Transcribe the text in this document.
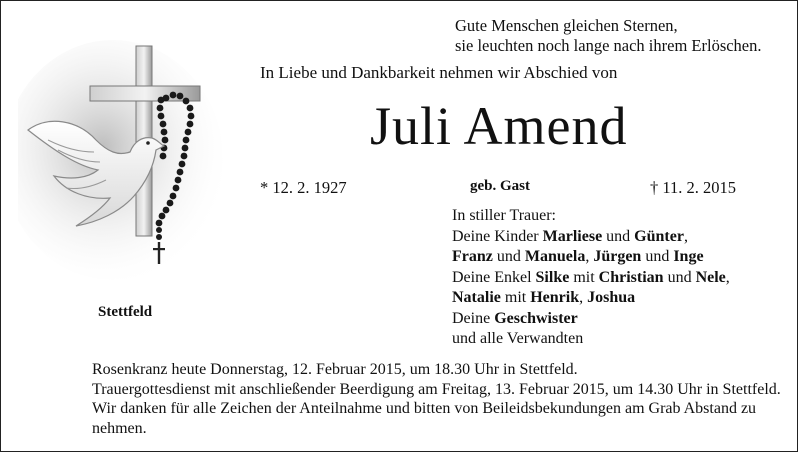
Gute Menschen gleichen Sternen,
sie leuchten noch lange nach ihrem Erlöschen.
In Liebe und Dankbarkeit nehmen wir Abschied von
Juli Amend
* 12. 2. 1927	geb. Gast	† 11. 2. 2015
In stiller Trauer:
Deine Kinder Marliese und Günter,
Franz und Manuela, Jürgen und Inge
Deine Enkel Silke mit Christian und Nele,
Natalie mit Henrik, Joshua
Deine Geschwister
und alle Verwandten
Stettfeld
Rosenkranz heute Donnerstag, 12. Februar 2015, um 18.30 Uhr in Stettfeld.
Trauergottesdienst mit anschließender Beerdigung am Freitag, 13. Februar 2015, um 14.30 Uhr in Stettfeld.
Wir danken für alle Zeichen der Anteilnahme und bitten von Beileidsbekundungen am Grab Abstand zu
nehmen.
